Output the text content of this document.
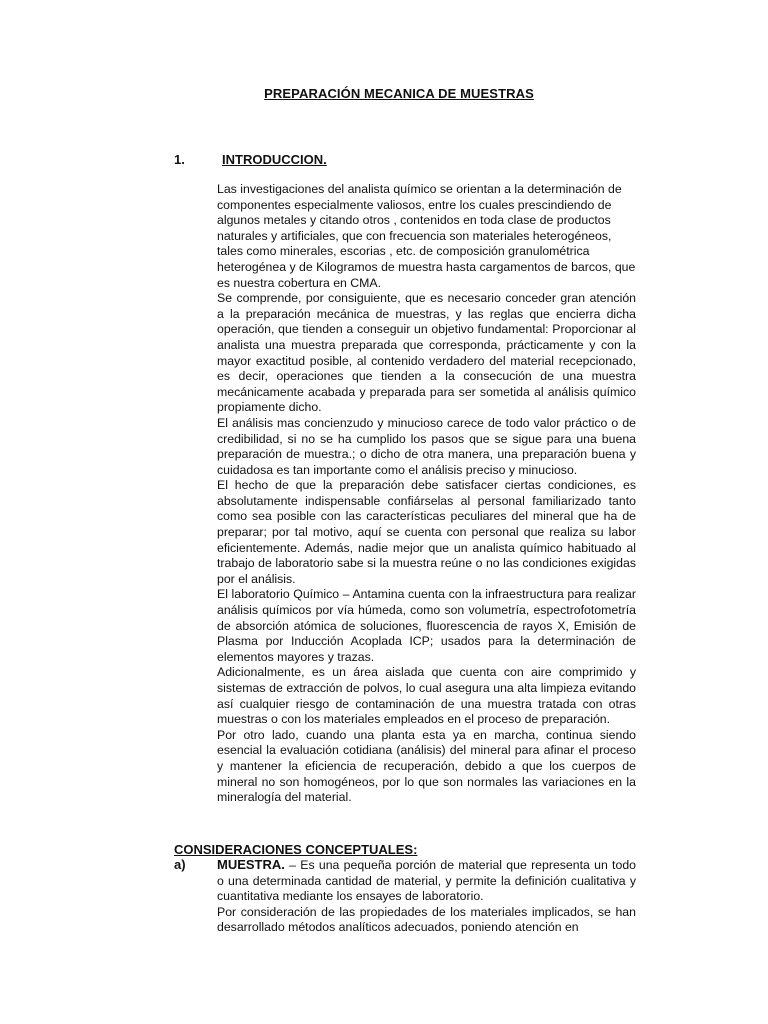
PREPARACIÓN MECANICA DE MUESTRAS
1.	INTRODUCCION.

Las investigaciones del analista químico se orientan a la determinación de componentes especialmente valiosos, entre los cuales prescindiendo de algunos metales y citando otros , contenidos en toda clase de productos naturales y artificiales, que con frecuencia son materiales heterogéneos, tales como minerales, escorias , etc. de composición granulométrica heterogénea y de Kilogramos de muestra hasta cargamentos de barcos, que es nuestra cobertura en CMA.

Se comprende, por consiguiente, que es necesario conceder gran atención a la preparación mecánica de muestras, y las reglas que encierra dicha operación, que tienden a conseguir un objetivo fundamental: Proporcionar al analista una muestra preparada que corresponda, prácticamente y con la mayor exactitud posible, al contenido verdadero del material recepcionado, es decir, operaciones que tienden a la consecución de una muestra mecánicamente acabada y preparada para ser sometida al análisis químico propiamente dicho.

El análisis mas concienzudo y minucioso carece de todo valor práctico o de credibilidad, si no se ha cumplido los pasos que se sigue para una buena preparación de muestra.; o dicho de otra manera, una preparación buena y cuidadosa es tan importante como el análisis preciso y minucioso.

El hecho de que la preparación debe satisfacer ciertas condiciones, es absolutamente indispensable confiárselas al personal familiarizado tanto como sea posible con las características peculiares del mineral que ha de preparar; por tal motivo, aquí se cuenta con personal que realiza su labor eficientemente. Además, nadie mejor que un analista químico habituado al trabajo de laboratorio sabe si la muestra reúne o no las condiciones exigidas por el análisis.

El laboratorio Químico – Antamina cuenta con la infraestructura para realizar análisis químicos por vía húmeda, como son volumetría, espectrofotometría de absorción atómica de soluciones, fluorescencia de rayos X, Emisión de Plasma por Inducción Acoplada ICP; usados para la determinación de elementos mayores y trazas.

Adicionalmente, es un área aislada que cuenta con aire comprimido y sistemas de extracción de polvos, lo cual asegura una alta limpieza evitando así cualquier riesgo de contaminación de una muestra tratada con otras muestras o con los materiales empleados en el proceso de preparación.

Por otro lado, cuando una planta esta ya en marcha, continua siendo esencial la evaluación cotidiana (análisis) del mineral para afinar el proceso y mantener la eficiencia de recuperación, debido a que los cuerpos de mineral no son homogéneos, por lo que son normales las variaciones en la mineralogía del material.

CONSIDERACIONES CONCEPTUALES:
a) MUESTRA. – Es una pequeña porción de material que representa un todo o una determinada cantidad de material, y permite la definición cualitativa y cuantitativa mediante los ensayes de laboratorio.

Por consideración de las propiedades de los materiales implicados, se han desarrollado métodos analíticos adecuados, poniendo atención en
